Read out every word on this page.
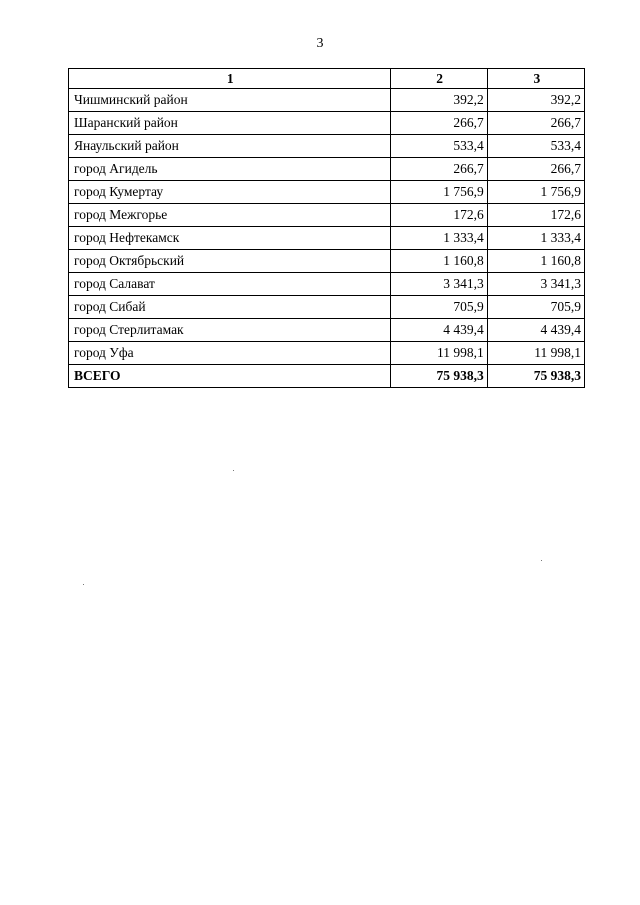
3
1	2	3
Чишминский район	392,2	392,2
Шаранский район	266,7	266,7
Янаульский район	533,4	533,4
город Агидель	266,7	266,7
город Кумертау	1 756,9	1 756,9
город Межгорье	172,6	172,6
город Нефтекамск	1 333,4	1 333,4
город Октябрьский	1 160,8	1 160,8
город Салават	3 341,3	3 341,3
город Сибай	705,9	705,9
город Стерлитамак	4 439,4	4 439,4
город Уфа	11 998,1	11 998,1
ВСЕГО	75 938,3	75 938,3
